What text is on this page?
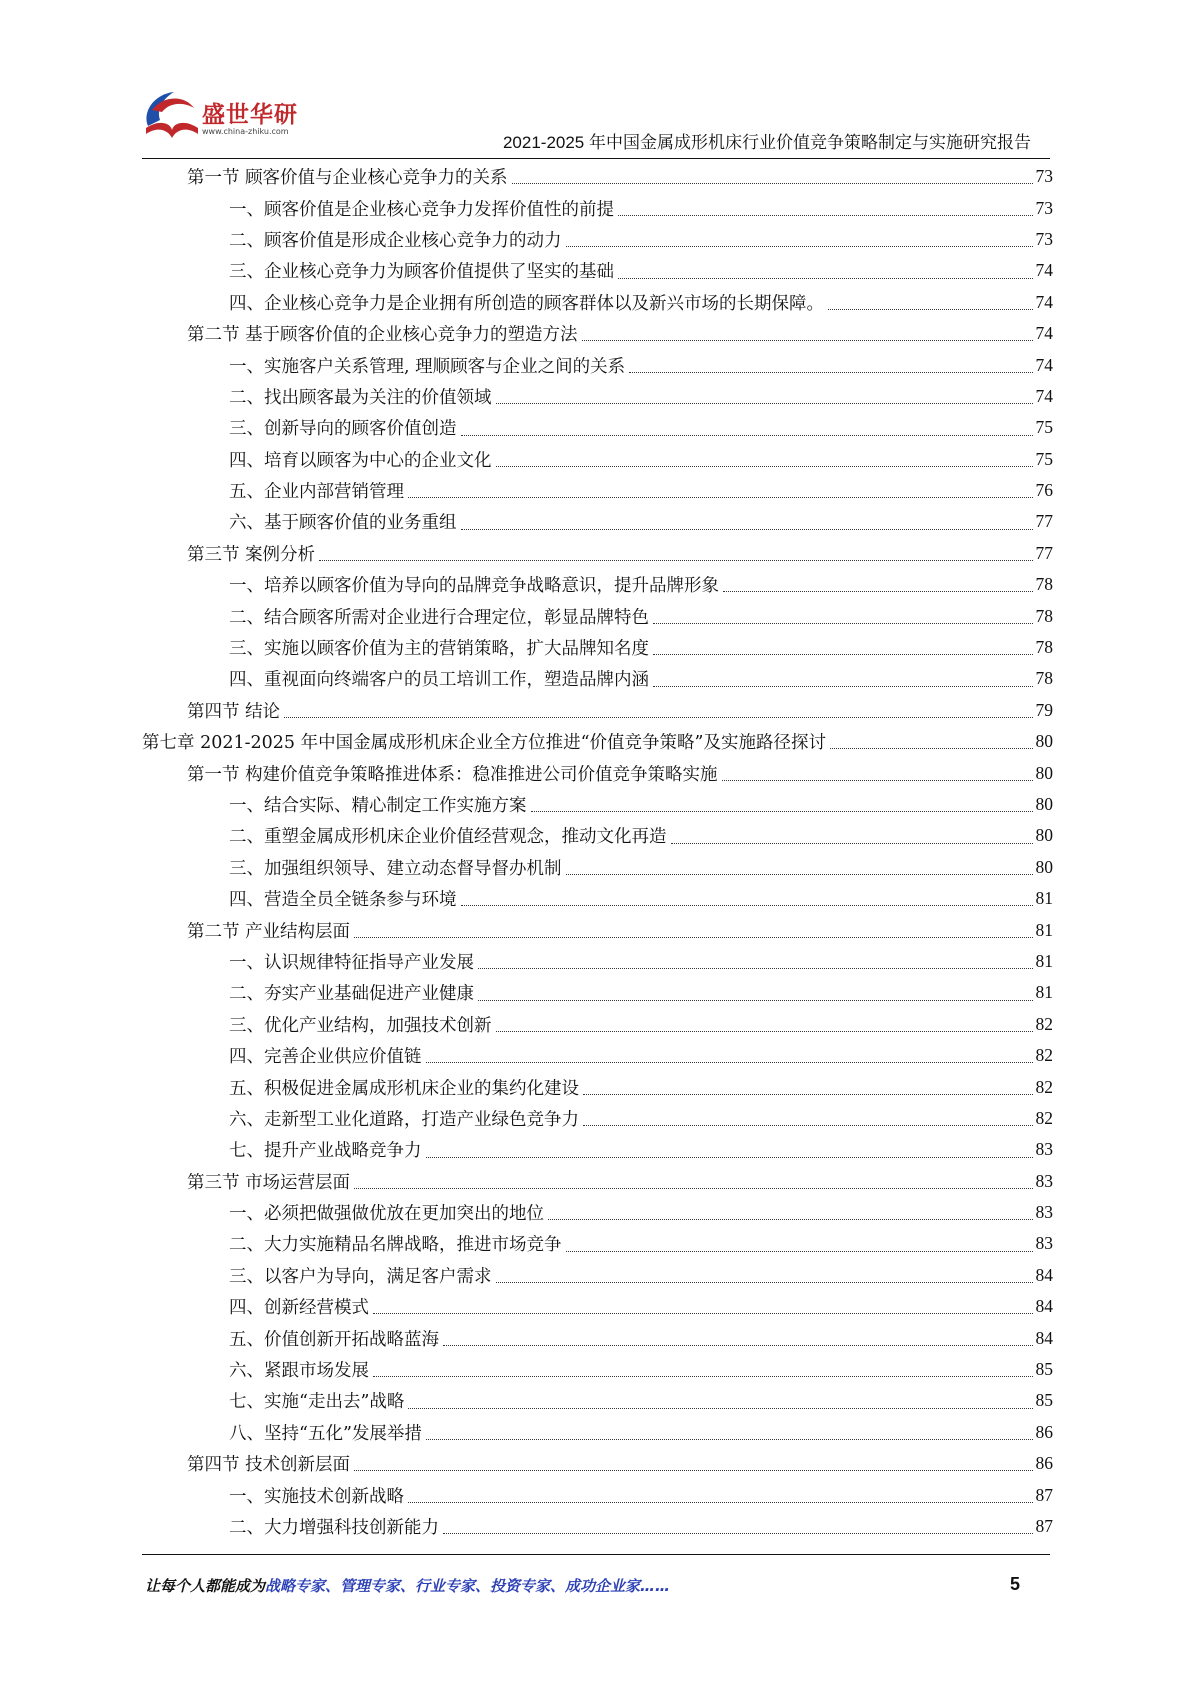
盛世华研
www.china-zhiku.com
2021-2025 年中国金属成形机床行业价值竞争策略制定与实施研究报告
第一节 顾客价值与企业核心竞争力的关系	73
一、顾客价值是企业核心竞争力发挥价值性的前提	73
二、顾客价值是形成企业核心竞争力的动力	73
三、企业核心竞争力为顾客价值提供了坚实的基础	74
四、企业核心竞争力是企业拥有所创造的顾客群体以及新兴市场的长期保障。	74
第二节 基于顾客价值的企业核心竞争力的塑造方法	74
一、实施客户关系管理, 理顺顾客与企业之间的关系	74
二、找出顾客最为关注的价值领域	74
三、创新导向的顾客价值创造	75
四、培育以顾客为中心的企业文化	75
五、企业内部营销管理	76
六、基于顾客价值的业务重组	77
第三节 案例分析	77
一、培养以顾客价值为导向的品牌竞争战略意识，提升品牌形象	78
二、结合顾客所需对企业进行合理定位，彰显品牌特色	78
三、实施以顾客价值为主的营销策略，扩大品牌知名度	78
四、重视面向终端客户的员工培训工作，塑造品牌内涵	78
第四节 结论	79
第七章 2021-2025 年中国金属成形机床企业全方位推进“价值竞争策略”及实施路径探讨	80
第一节 构建价值竞争策略推进体系：稳准推进公司价值竞争策略实施	80
一、结合实际、精心制定工作实施方案	80
二、重塑金属成形机床企业价值经营观念，推动文化再造	80
三、加强组织领导、建立动态督导督办机制	80
四、营造全员全链条参与环境	81
第二节 产业结构层面	81
一、认识规律特征指导产业发展	81
二、夯实产业基础促进产业健康	81
三、优化产业结构，加强技术创新	82
四、完善企业供应价值链	82
五、积极促进金属成形机床企业的集约化建设	82
六、走新型工业化道路，打造产业绿色竞争力	82
七、提升产业战略竞争力	83
第三节 市场运营层面	83
一、必须把做强做优放在更加突出的地位	83
二、大力实施精品名牌战略，推进市场竞争	83
三、以客户为导向，满足客户需求	84
四、创新经营模式	84
五、价值创新开拓战略蓝海	84
六、紧跟市场发展	85
七、实施“走出去”战略	85
八、坚持“五化”发展举措	86
第四节 技术创新层面	86
一、实施技术创新战略	87
二、大力增强科技创新能力	87
让每个人都能成为战略专家、管理专家、行业专家、投资专家、成功企业家……	5
